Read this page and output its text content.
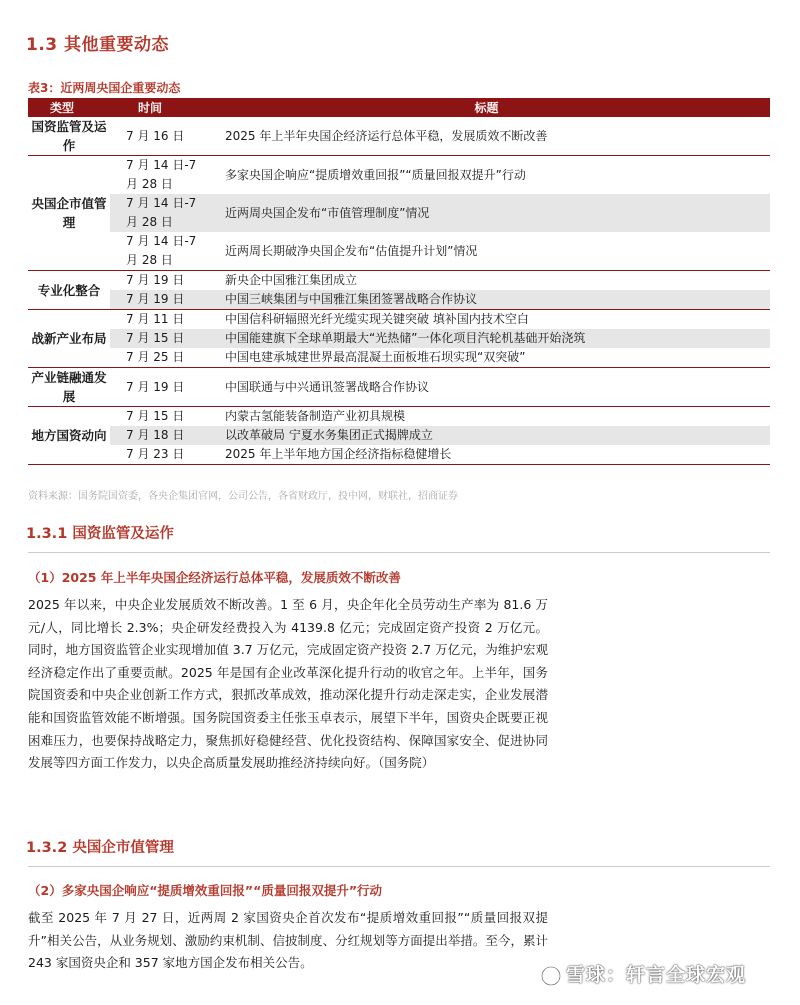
1.3 其他重要动态
表3：近两周央国企重要动态
类型	时间	标题
国资监管及运作	7 月 16 日	2025 年上半年央国企经济运行总体平稳，发展质效不断改善
央国企市值管理	7 月 14 日-7 月 28 日	多家央国企响应“提质增效重回报”“质量回报双提升”行动
	7 月 14 日-7 月 28 日	近两周央国企发布“市值管理制度”情况
	7 月 14 日-7 月 28 日	近两周长期破净央国企发布“估值提升计划”情况
专业化整合	7 月 19 日	新央企中国雅江集团成立
	7 月 19 日	中国三峡集团与中国雅江集团签署战略合作协议
战新产业布局	7 月 11 日	中国信科研辐照光纤光缆实现关键突破 填补国内技术空白
	7 月 15 日	中国能建旗下全球单期最大“光热储”一体化项目汽轮机基础开始浇筑
	7 月 25 日	中国电建承城建世界最高混凝土面板堆石坝实现“双突破”
产业链融通发展	7 月 19 日	中国联通与中兴通讯签署战略合作协议
地方国资动向	7 月 15 日	内蒙古氢能装备制造产业初具规模
	7 月 18 日	以改革破局 宁夏水务集团正式揭牌成立
	7 月 23 日	2025 年上半年地方国企经济指标稳健增长
资料来源：国务院国资委，各央企集团官网，公司公告，各省财政厅，投中网，财联社，招商证券
1.3.1 国资监管及运作
（1）2025 年上半年央国企经济运行总体平稳，发展质效不断改善
2025 年以来，中央企业发展质效不断改善。1 至 6 月，央企年化全员劳动生产率为 81.6 万元/人，同比增长 2.3%；央企研发经费投入为 4139.8 亿元；完成固定资产投资 2 万亿元。同时，地方国资监管企业实现增加值 3.7 万亿元，完成固定资产投资 2.7 万亿元，为维护宏观经济稳定作出了重要贡献。2025 年是国有企业改革深化提升行动的收官之年。上半年，国务院国资委和中央企业创新工作方式，狠抓改革成效，推动深化提升行动走深走实，企业发展潜能和国资监管效能不断增强。国务院国资委主任张玉卓表示，展望下半年，国资央企既要正视困难压力，也要保持战略定力，聚焦抓好稳健经营、优化投资结构、保障国家安全、促进协同发展等四方面工作发力，以央企高质量发展助推经济持续向好。（国务院）
1.3.2 央国企市值管理
（2）多家央国企响应“提质增效重回报”“质量回报双提升”行动
截至 2025 年 7 月 27 日，近两周 2 家国资央企首次发布“提质增效重回报”“质量回报双提升”相关公告，从业务规划、激励约束机制、信披制度、分红规划等方面提出举措。至今，累计 243 家国资央企和 357 家地方国企发布相关公告。
雪球：轩言全球宏观
